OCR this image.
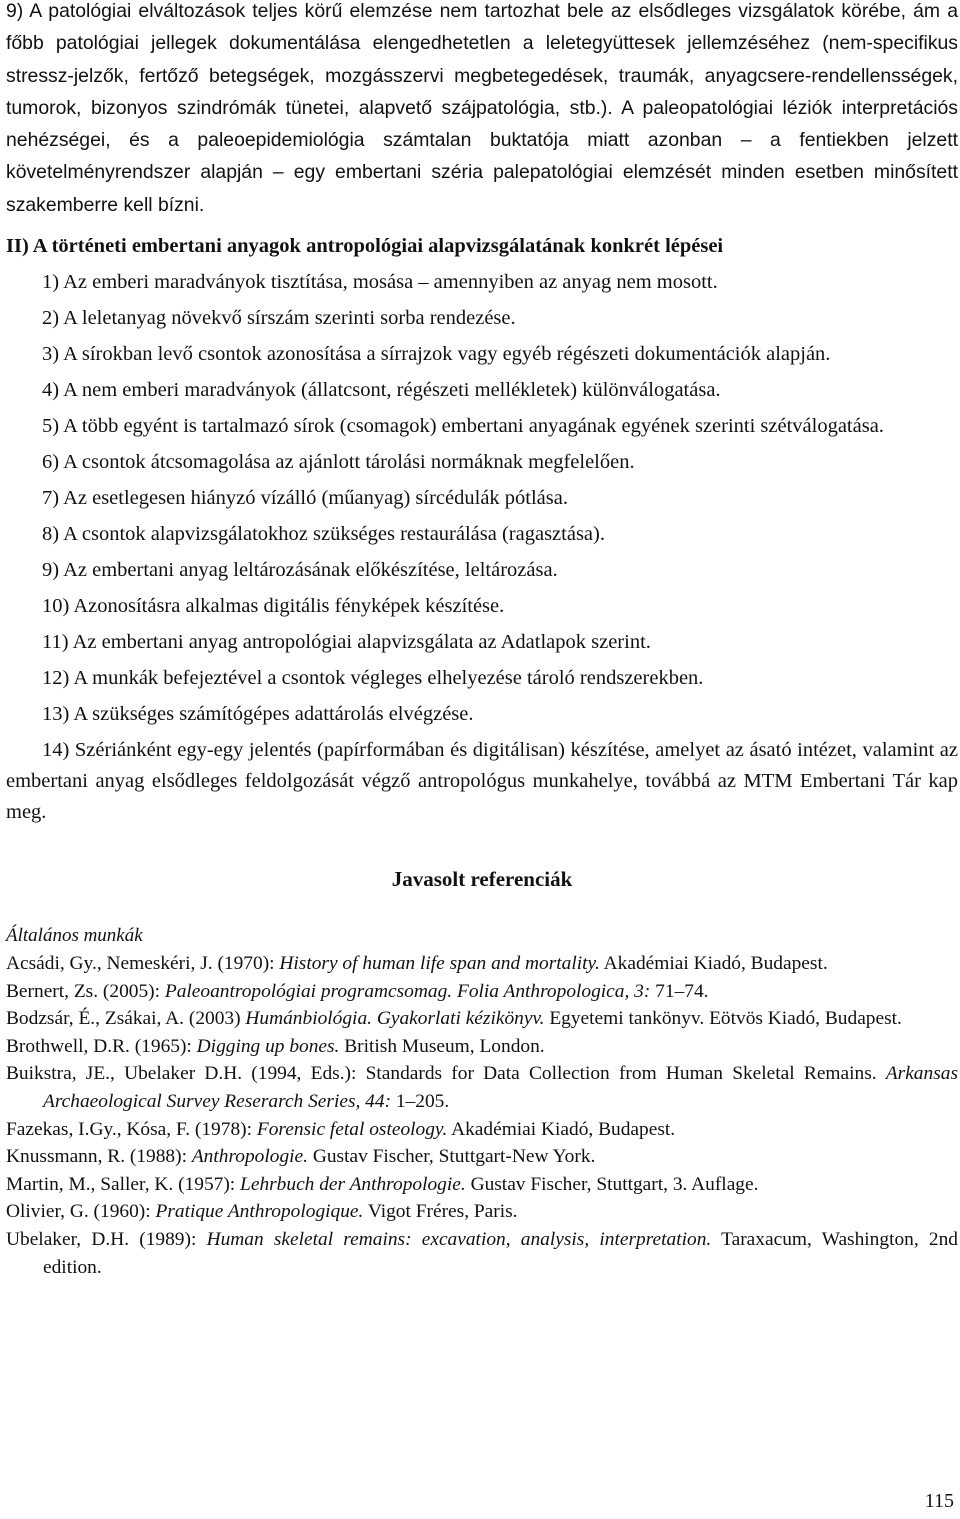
9) A patológiai elváltozások teljes körű elemzése nem tartozhat bele az elsődleges vizsgálatok körébe, ám a főbb patológiai jellegek dokumentálása elengedhetetlen a leletegyüttesek jellemzéséhez (nem-specifikus stressz-jelzők, fertőző betegségek, mozgásszervi megbetegedések, traumák, anyagcsere-rendellensségek, tumorok, bizonyos szindrómák tünetei, alapvető szájpatológia, stb.). A paleopatológiai léziók interpretációs nehézségei, és a paleoepidemiológia számtalan buktatója miatt azonban – a fentiekben jelzett követelményrendszer alapján – egy embertani széria palepatológiai elemzését minden esetben minősített szakemberre kell bízni.

II) A történeti embertani anyagok antropológiai alapvizsgálatának konkrét lépései

1) Az emberi maradványok tisztítása, mosása – amennyiben az anyag nem mosott.

2) A leletanyag növekvő sírszám szerinti sorba rendezése.

3) A sírokban levő csontok azonosítása a sírrajzok vagy egyéb régészeti dokumentációk alapján.

4) A nem emberi maradványok (állatcsont, régészeti mellékletek) különválogatása.

5) A több egyént is tartalmazó sírok (csomagok) embertani anyagának egyének szerinti szétválogatása.

6) A csontok átcsomagolása az ajánlott tárolási normáknak megfelelően.

7) Az esetlegesen hiányzó vízálló (műanyag) sírcédulák pótlása.

8) A csontok alapvizsgálatokhoz szükséges restaurálása (ragasztása).

9) Az embertani anyag leltározásának előkészítése, leltározása.

10) Azonosításra alkalmas digitális fényképek készítése.

11) Az embertani anyag antropológiai alapvizsgálata az Adatlapok szerint.

12) A munkák befejeztével a csontok végleges elhelyezése tároló rendszerekben.

13) A szükséges számítógépes adattárolás elvégzése.

14) Szériánként egy-egy jelentés (papírformában és digitálisan) készítése, amelyet az ásató intézet, valamint az embertani anyag elsődleges feldolgozását végző antropológus munkahelye, továbbá az MTM Embertani Tár kap meg.

Javasolt referenciák

Általános munkák

Acsádi, Gy., Nemeskéri, J. (1970): History of human life span and mortality. Akadémiai Kiadó, Budapest.

Bernert, Zs. (2005): Paleoantropológiai programcsomag. Folia Anthropologica, 3: 71–74.

Bodzsár, É., Zsákai, A. (2003) Humánbiológia. Gyakorlati kézikönyv. Egyetemi tankönyv. Eötvös Kiadó, Budapest.

Brothwell, D.R. (1965): Digging up bones. British Museum, London.

Buikstra, JE., Ubelaker D.H. (1994, Eds.): Standards for Data Collection from Human Skeletal Remains. Arkansas Archaeological Survey Reserarch Series, 44: 1–205.

Fazekas, I.Gy., Kósa, F. (1978): Forensic fetal osteology. Akadémiai Kiadó, Budapest.

Knussmann, R. (1988): Anthropologie. Gustav Fischer, Stuttgart-New York.

Martin, M., Saller, K. (1957): Lehrbuch der Anthropologie. Gustav Fischer, Stuttgart, 3. Auflage.

Olivier, G. (1960): Pratique Anthropologique. Vigot Fréres, Paris.

Ubelaker, D.H. (1989): Human skeletal remains: excavation, analysis, interpretation. Taraxacum, Washington, 2nd edition.

115
